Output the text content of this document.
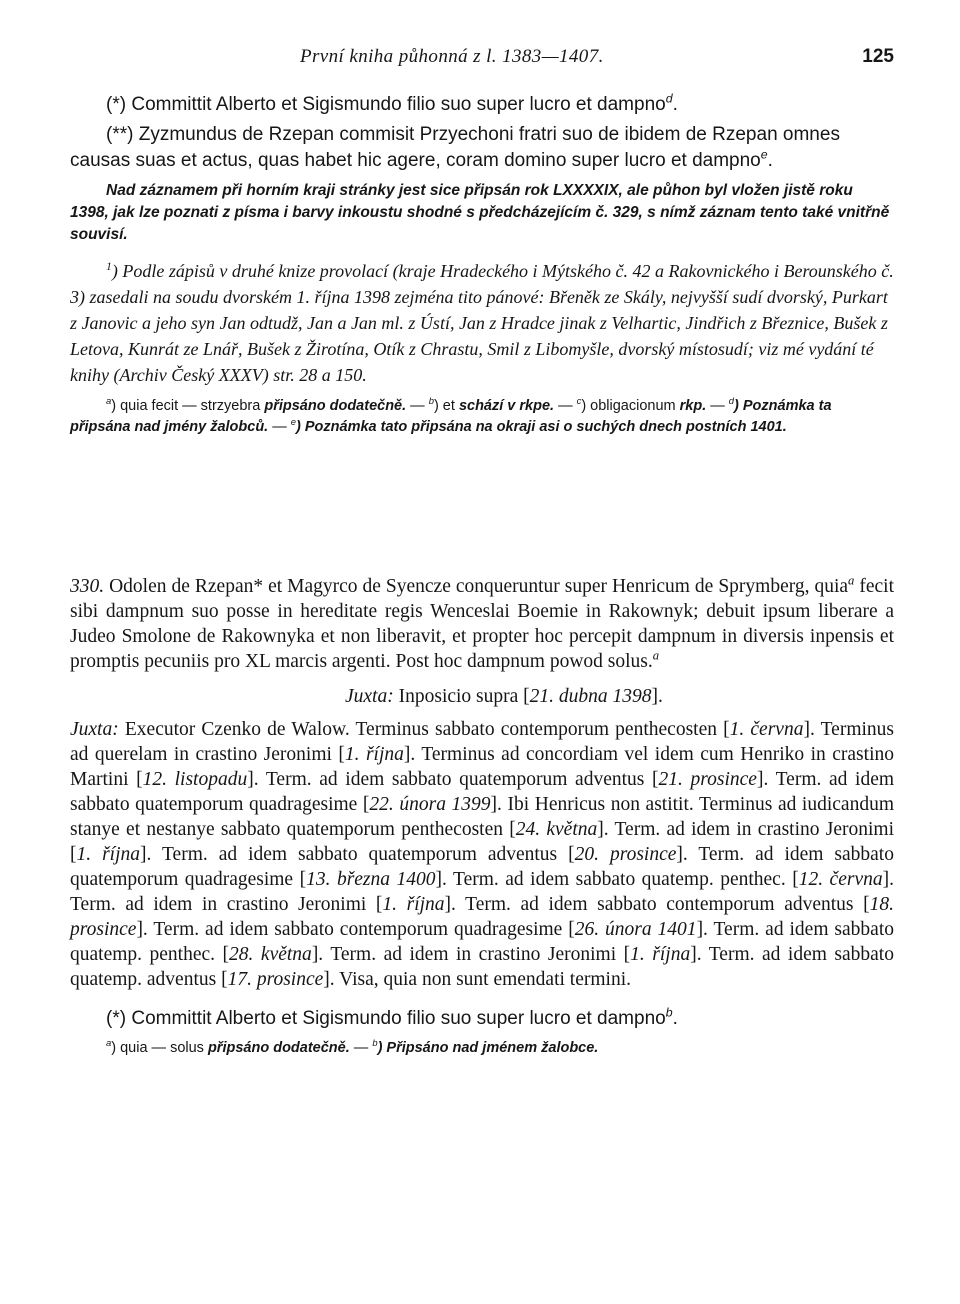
První kniha půhonná z l. 1383—1407.	125

(*) Committit Alberto et Sigismundo filio suo super lucro et dampno$^d$.

(**) Zyzmundus de Rzepan commisit Przyechoni fratri suo de ibidem de Rzepan omnes causas suas et actus, quas habet hic agere, coram domino super lucro et dampno$^e$.

Nad záznamem při horním kraji stránky jest sice připsán rok LXXXXIX, ale půhon byl vložen jistě roku 1398, jak lze poznati z písma i barvy inkoustu shodné s předcházejícím č. 329, s nímž záznam tento také vnitřně souvisí.

$^1$) Podle zápisů v druhé knize provolací (kraje Hradeckého i Mýtského č. 42 a Rakovnického i Berounského č. 3) zasedali na soudu dvorském 1. října 1398 zejména tito pánové: Břeněk ze Skály, nejvyšší sudí dvorský, Purkart z Janovic a jeho syn Jan odtudž, Jan a Jan ml. z Ústí, Jan z Hradce jinak z Velhartic, Jindřich z Březnice, Bušek z Letova, Kunrát ze Lnář, Bušek z Žirotína, Otík z Chrastu, Smil z Libomyšle, dvorský místosudí; viz mé vydání té knihy (Archiv Český XXXV) str. 28 a 150.

$^a$) quia fecit — strzyebra připsáno dodatečně. — $^b$) et schází v rkpe. — $^c$) obligacionum rkp. — $^d$) Poznámka ta připsána nad jmény žalobců. — $^e$) Poznámka tato připsána na okraji asi o suchých dnech postních 1401.

330. Odolen de Rzepan* et Magyrco de Syencze conqueruntur super Henricum de Sprymberg, quia$^a$ fecit sibi dampnum suo posse in hereditate regis Wenceslai Boemie in Rakownyk; debuit ipsum liberare a Judeo Smolone de Rakownyka et non liberavit, et propter hoc percepit dampnum in diversis inpensis et promptis pecuniis pro XL marcis argenti. Post hoc dampnum powod solus.$^a$

Juxta: Inposicio supra [21. dubna 1398].

Juxta: Executor Czenko de Walow. Terminus sabbato contemporum penthecosten [1. června]. Terminus ad querelam in crastino Jeronimi [1. října]. Terminus ad concordiam vel idem cum Henriko in crastino Martini [12. listopadu]. Term. ad idem sabbato quatemporum adventus [21. prosince]. Term. ad idem sabbato quatemporum quadragesime [22. února 1399]. Ibi Henricus non astitit. Terminus ad iudicandum stanye et nestanye sabbato quatemporum penthecosten [24. května]. Term. ad idem in crastino Jeronimi [1. října]. Term. ad idem sabbato quatemporum adventus [20. prosince]. Term. ad idem sabbato quatemporum quadragesime [13. března 1400]. Term. ad idem sabbato quatemp. penthec. [12. června]. Term. ad idem in crastino Jeronimi [1. října]. Term. ad idem sabbato contemporum adventus [18. prosince]. Term. ad idem sabbato contemporum quadragesime [26. února 1401]. Term. ad idem sabbato quatemp. penthec. [28. května]. Term. ad idem in crastino Jeronimi [1. října]. Term. ad idem sabbato quatemp. adventus [17. prosince]. Visa, quia non sunt emendati termini.

(*) Committit Alberto et Sigismundo filio suo super lucro et dampno$^b$.

$^a$) quia — solus připsáno dodatečně. — $^b$) Připsáno nad jménem žalobce.
